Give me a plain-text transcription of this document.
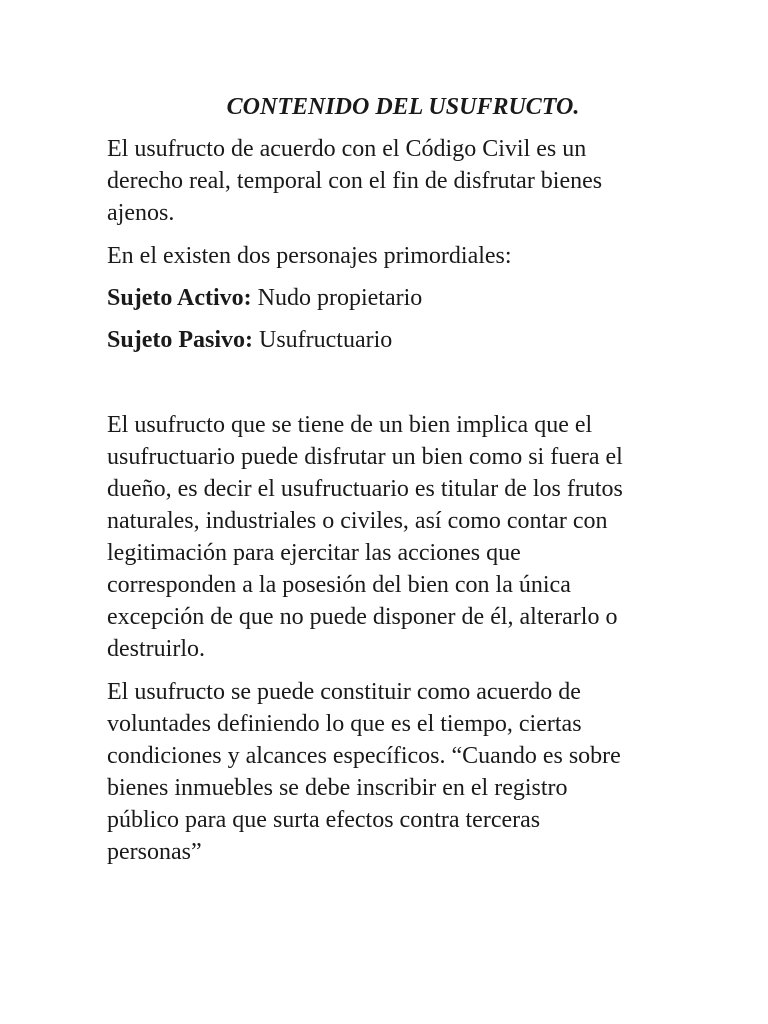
CONTENIDO DEL USUFRUCTO.

El usufructo de acuerdo con el Código Civil es un
derecho real, temporal con el fin de disfrutar bienes
ajenos.

En el existen dos personajes primordiales:

Sujeto Activo: Nudo propietario

Sujeto Pasivo: Usufructuario

El usufructo que se tiene de un bien implica que el
usufructuario puede disfrutar un bien como si fuera el
dueño, es decir el usufructuario es titular de los frutos
naturales, industriales o civiles, así como contar con
legitimación para ejercitar las acciones que
corresponden a la posesión del bien con la única
excepción de que no puede disponer de él, alterarlo o
destruirlo.

El usufructo se puede constituir como acuerdo de
voluntades definiendo lo que es el tiempo, ciertas
condiciones y alcances específicos. “Cuando es sobre
bienes inmuebles se debe inscribir en el registro
público para que surta efectos contra terceras
personas”
